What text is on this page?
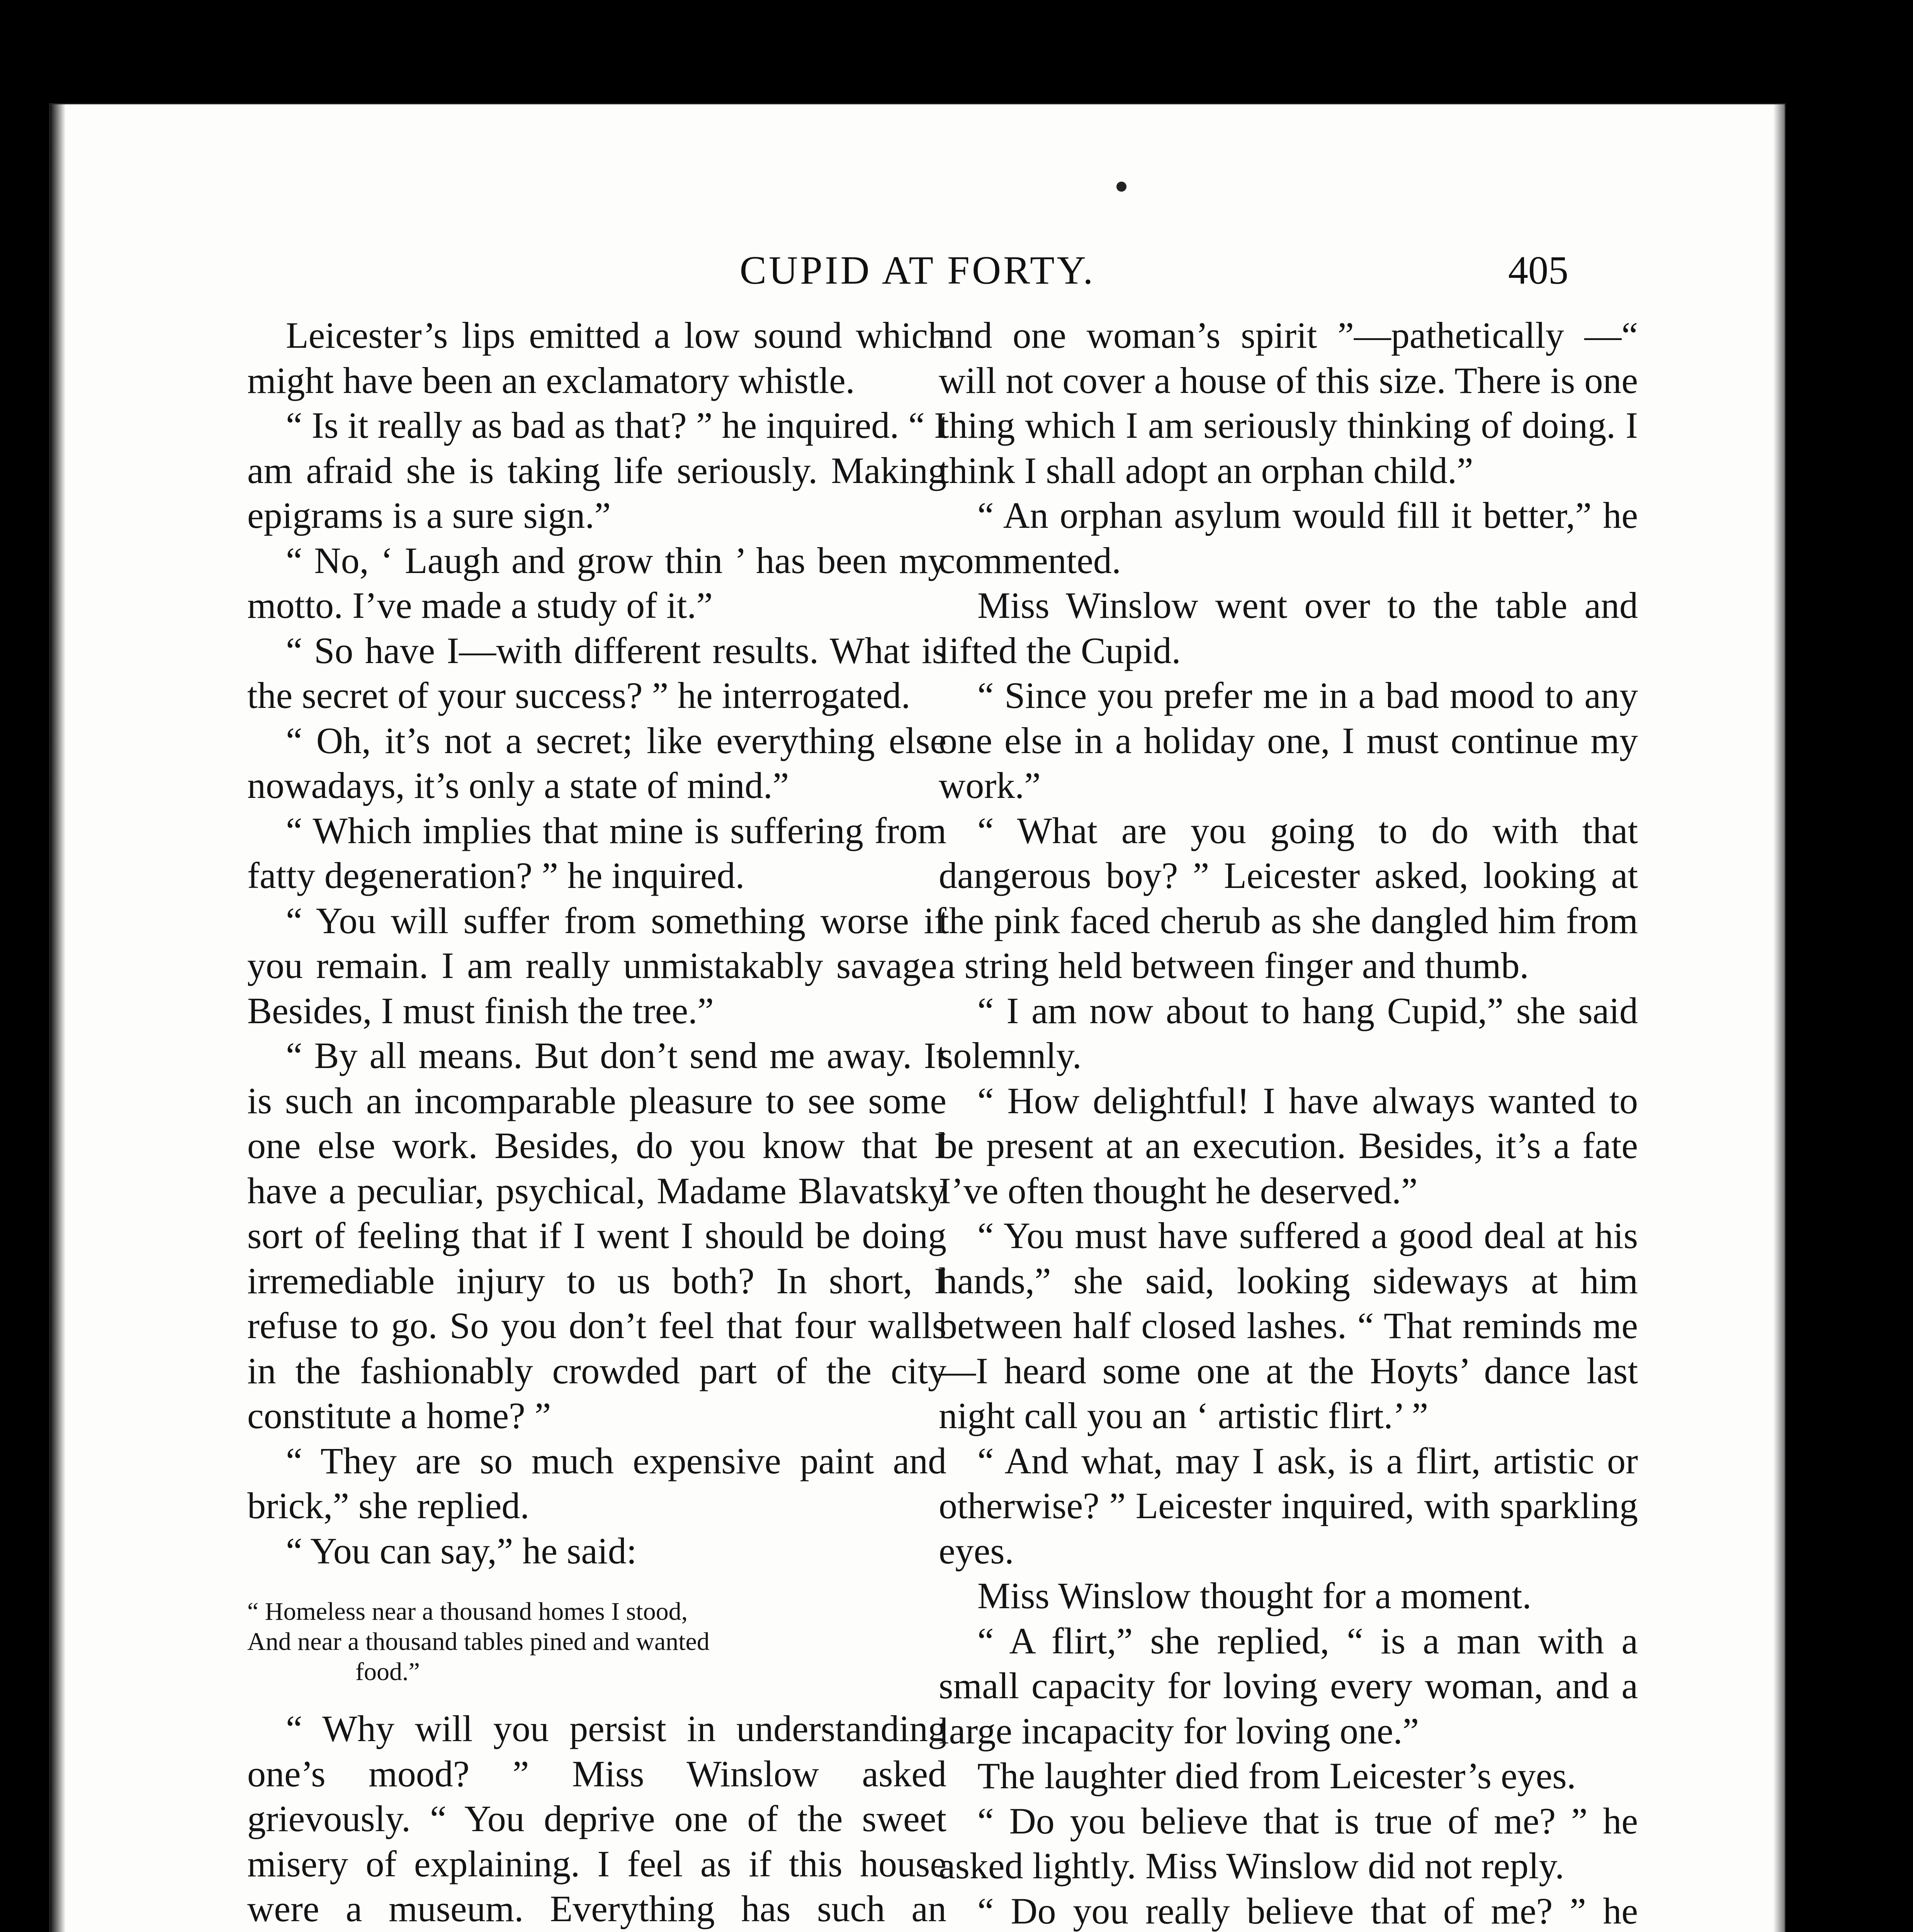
CUPID AT FORTY.	405

Leicester’s lips emitted a low sound which might have been an exclamatory whistle.

“ Is it really as bad as that? ” he inquired. “ I am afraid she is taking life seriously. Making epigrams is a sure sign.”

“ No, ‘ Laugh and grow thin ’ has been my motto. I’ve made a study of it.”

“ So have I—with different results. What is the secret of your success? ” he interrogated.

“ Oh, it’s not a secret; like everything else nowadays, it’s only a state of mind.”

“ Which implies that mine is suffering from fatty degeneration? ” he inquired.

“ You will suffer from something worse if you remain. I am really unmistakably savage. Besides, I must finish the tree.”

“ By all means. But don’t send me away. It is such an incomparable pleasure to see some one else work. Besides, do you know that I have a peculiar, psychical, Madame Blavatsky sort of feeling that if I went I should be doing irremediable injury to us both? In short, I refuse to go. So you don’t feel that four walls in the fashionably crowded part of the city constitute a home? ”

“ They are so much expensive paint and brick,” she replied.

“ You can say,” he said:

“ Homeless near a thousand homes I stood,
And near a thousand tables pined and wanted
food.”

“ Why will you persist in understanding one’s mood? ” Miss Winslow asked grievously. “ You deprive one of the sweet misery of explaining. I feel as if this house were a museum. Everything has such an

and one woman’s spirit ”—pathetically —“ will not cover a house of this size. There is one thing which I am seriously thinking of doing. I think I shall adopt an orphan child.”

“ An orphan asylum would fill it better,” he commented.

Miss Winslow went over to the table and lifted the Cupid.

“ Since you prefer me in a bad mood to any one else in a holiday one, I must continue my work.”

“ What are you going to do with that dangerous boy? ” Leicester asked, looking at the pink faced cherub as she dangled him from a string held between finger and thumb.

“ I am now about to hang Cupid,” she said solemnly.

“ How delightful! I have always wanted to be present at an execution. Besides, it’s a fate I’ve often thought he deserved.”

“ You must have suffered a good deal at his hands,” she said, looking sideways at him between half closed lashes. “ That reminds me—I heard some one at the Hoyts’ dance last night call you an ‘ artistic flirt.’ ”

“ And what, may I ask, is a flirt, artistic or otherwise? ” Leicester inquired, with sparkling eyes.

Miss Winslow thought for a moment.

“ A flirt,” she replied, “ is a man with a small capacity for loving every woman, and a large incapacity for loving one.”

The laughter died from Leicester’s eyes.

“ Do you believe that is true of me? ” he asked lightly. Miss Winslow did not reply.

“ Do you really believe that of me? ” he
